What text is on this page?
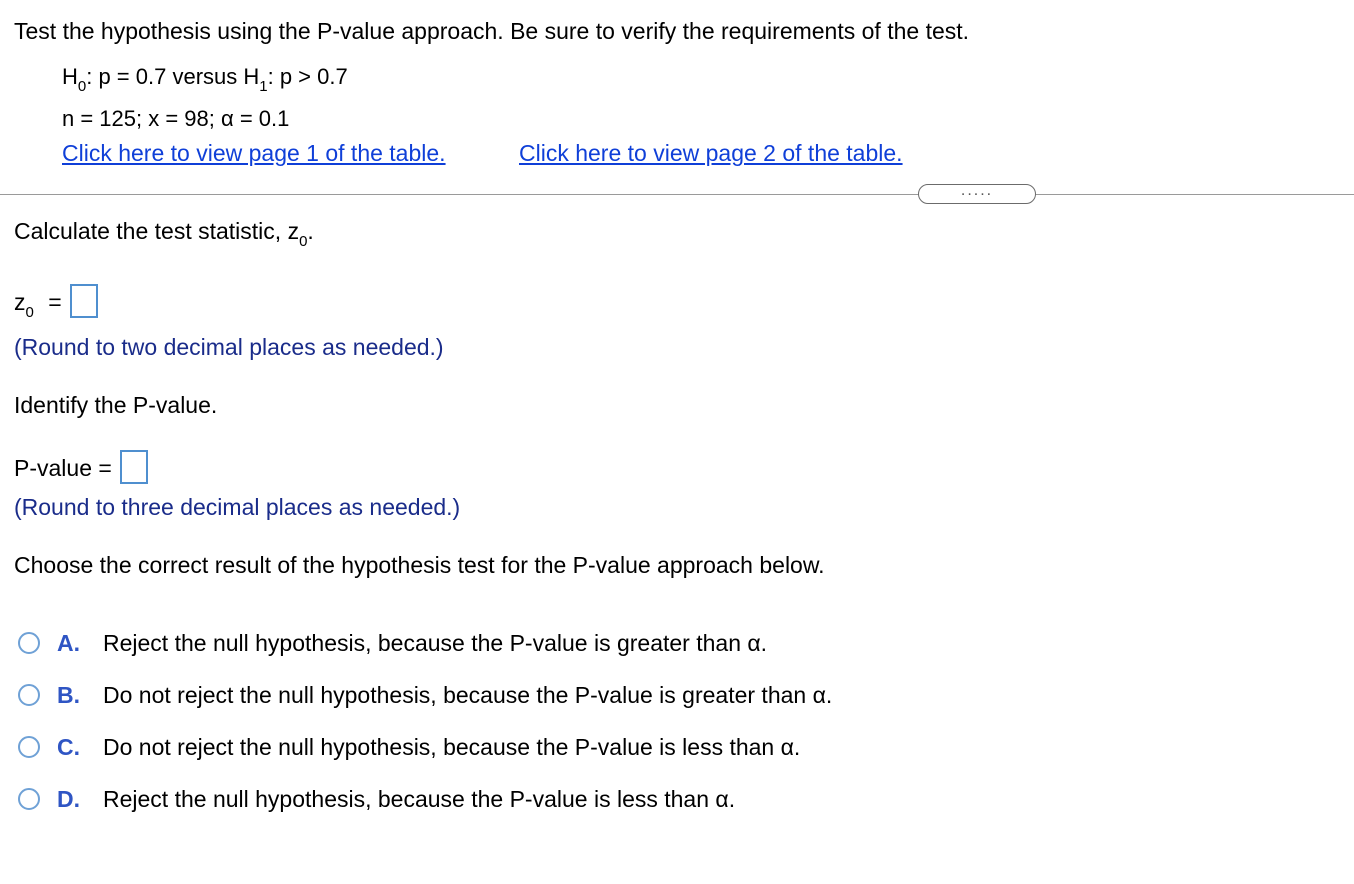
Test the hypothesis using the P-value approach. Be sure to verify the requirements of the test.
$H_0$: p = 0.7 versus $H_1$: p > 0.7
n = 125; x = 98; α = 0.1
Click here to view page 1 of the table.	Click here to view page 2 of the table.
.....
Calculate the test statistic, $z_0$.
$z_0$ =
(Round to two decimal places as needed.)
Identify the P-value.
P-value =
(Round to three decimal places as needed.)
Choose the correct result of the hypothesis test for the P-value approach below.
A. Reject the null hypothesis, because the P-value is greater than α.
B. Do not reject the null hypothesis, because the P-value is greater than α.
C. Do not reject the null hypothesis, because the P-value is less than α.
D. Reject the null hypothesis, because the P-value is less than α.
